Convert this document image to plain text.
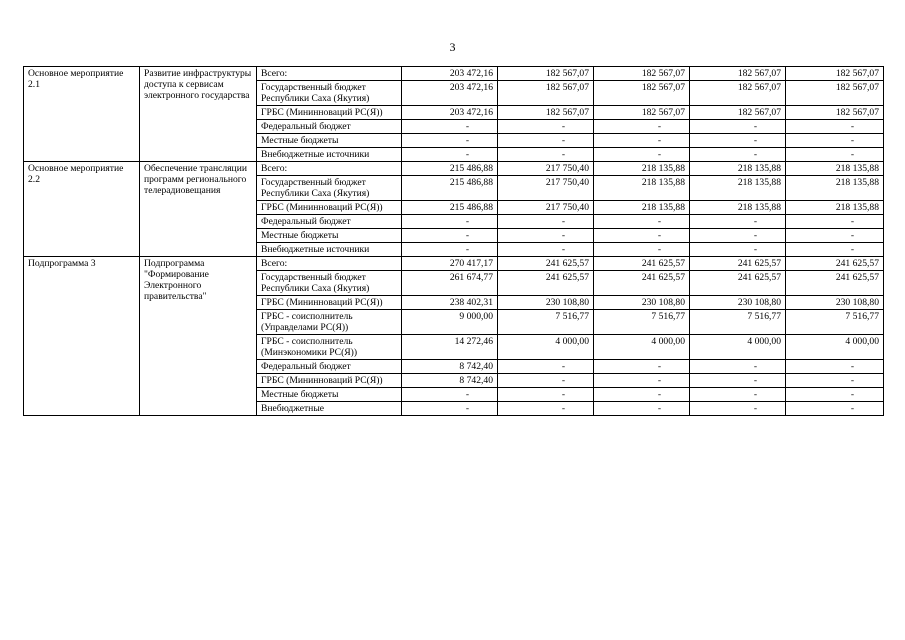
3
Основное мероприятие 2.1	Развитие инфраструктуры доступа к сервисам электронного государства	Всего:	203 472,16	182 567,07	182 567,07	182 567,07	182 567,07
		Государственный бюджет Республики Саха (Якутия)	203 472,16	182 567,07	182 567,07	182 567,07	182 567,07
		ГРБС (Мининноваций РС(Я))	203 472,16	182 567,07	182 567,07	182 567,07	182 567,07
		Федеральный бюджет	-	-	-	-	-
		Местные бюджеты	-	-	-	-	-
		Внебюджетные источники	-	-	-	-	-
Основное мероприятие 2.2	Обеспечение трансляции программ регионального телерадиовещания	Всего:	215 486,88	217 750,40	218 135,88	218 135,88	218 135,88
		Государственный бюджет Республики Саха (Якутия)	215 486,88	217 750,40	218 135,88	218 135,88	218 135,88
		ГРБС (Мининноваций РС(Я))	215 486,88	217 750,40	218 135,88	218 135,88	218 135,88
		Федеральный бюджет	-	-	-	-	-
		Местные бюджеты	-	-	-	-	-
		Внебюджетные источники	-	-	-	-	-
Подпрограмма 3	Подпрограмма "Формирование Электронного правительства"	Всего:	270 417,17	241 625,57	241 625,57	241 625,57	241 625,57
		Государственный бюджет Республики Саха (Якутия)	261 674,77	241 625,57	241 625,57	241 625,57	241 625,57
		ГРБС (Мининноваций РС(Я))	238 402,31	230 108,80	230 108,80	230 108,80	230 108,80
		ГРБС - соисполнитель (Управделами РС(Я))	9 000,00	7 516,77	7 516,77	7 516,77	7 516,77
		ГРБС - соисполнитель (Минэкономики РС(Я))	14 272,46	4 000,00	4 000,00	4 000,00	4 000,00
		Федеральный бюджет	8 742,40	-	-	-	-
		ГРБС (Мининноваций РС(Я))	8 742,40	-	-	-	-
		Местные бюджеты	-	-	-	-	-
		Внебюджетные	-	-	-	-	-
